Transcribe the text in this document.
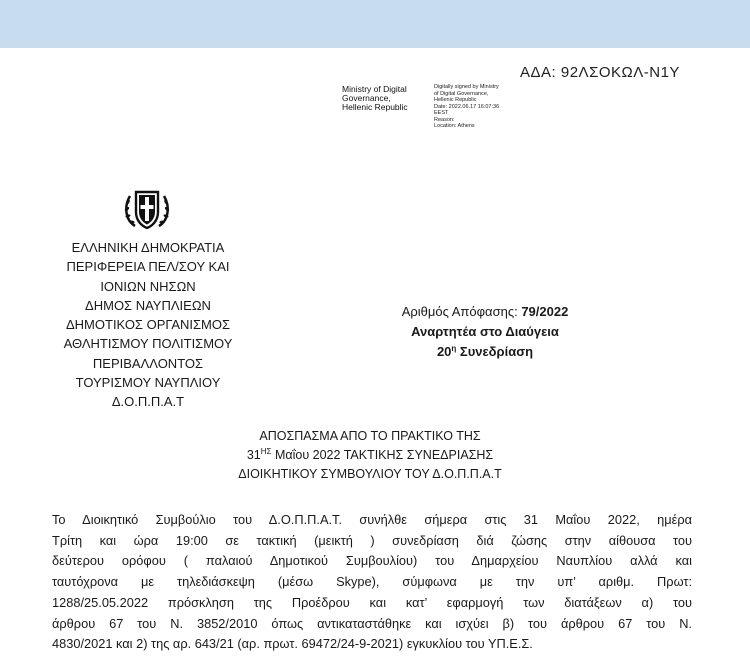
ΑΔΑ: 92ΛΣΟΚΩΛ-Ν1Υ
Ministry of Digital
Governance,
Hellenic Republic
Digitally signed by Ministry
of Digital Governance,
Hellenic Republic
Date: 2022.06.17 16:07:36
EEST
Reason:
Location: Athens
ΕΛΛΗΝΙΚΗ ΔΗΜΟΚΡΑΤΙΑ
ΠΕΡΙΦΕΡΕΙΑ ΠΕΛ/ΣΟΥ ΚΑΙ
ΙΟΝΙΩΝ ΝΗΣΩΝ
ΔΗΜΟΣ ΝΑΥΠΛΙΕΩΝ
ΔΗΜΟΤΙΚΟΣ ΟΡΓΑΝΙΣΜΟΣ
ΑΘΛΗΤΙΣΜΟΥ ΠΟΛΙΤΙΣΜΟΥ
ΠΕΡΙΒΑΛΛΟΝΤΟΣ
ΤΟΥΡΙΣΜΟΥ ΝΑΥΠΛΙΟΥ
Δ.Ο.Π.Π.Α.Τ
Αριθμός Απόφασης: 79/2022
Αναρτητέα στο Διαύγεια
$20^\eta$ Συνεδρίαση
ΑΠΟΣΠΑΣΜΑ ΑΠΟ ΤΟ ΠΡΑΚΤΙΚΟ ΤΗΣ
$31^{H\Sigma}$ Μαΐου 2022 ΤΑΚΤΙΚΗΣ ΣΥΝΕΔΡΙΑΣΗΣ
ΔΙΟΙΚΗΤΙΚΟΥ ΣΥΜΒΟΥΛΙΟΥ ΤΟΥ Δ.Ο.Π.Π.Α.Τ
Το Διοικητικό Συμβούλιο του Δ.Ο.Π.Π.Α.Τ. συνήλθε σήμερα στις 31 Μαΐου 2022, ημέρα
Τρίτη και ώρα 19:00 σε τακτική (μεικτή ) συνεδρίαση διά ζώσης στην αίθουσα του
δεύτερου ορόφου ( παλαιού Δημοτικού Συμβουλίου) του Δημαρχείου Ναυπλίου αλλά και
ταυτόχρονα με τηλεδιάσκεψη (μέσω Skype), σύμφωνα με την υπ’ αριθμ. Πρωτ:
1288/25.05.2022 πρόσκληση της Προέδρου και κατ’ εφαρμογή των διατάξεων α) του
άρθρου 67 του Ν. 3852/2010 όπως αντικαταστάθηκε και ισχύει β) του άρθρου 67 του Ν.
4830/2021 και 2) της αρ. 643/21 (αρ. πρωτ. 69472/24-9-2021) εγκυκλίου του ΥΠ.Ε.Σ.
